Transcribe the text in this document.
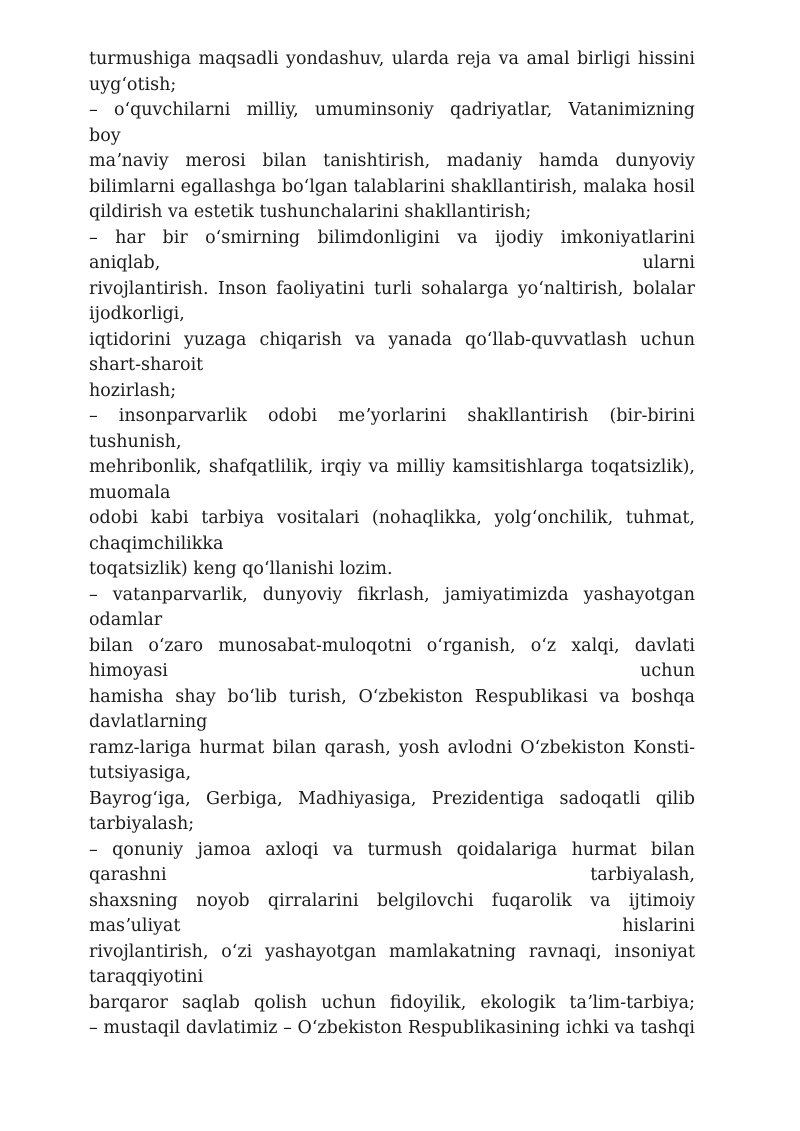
turmushiga maqsadli yondashuv, ularda reja va amal birligi hissini
uygʻotish;
– oʻquvchilarni milliy, umuminsoniy qadriyatlar, Vatanimizning
boy
maʼnaviy merosi bilan tanishtirish, madaniy hamda dunyoviy
bilimlarni egallashga boʻlgan talablarini shakllantirish, malaka hosil
qildirish va estetik tushunchalarini shakllantirish;
– har bir oʻsmirning bilimdonligini va ijodiy imkoniyatlarini
aniqlab, ularni
rivojlantirish. Inson faoliyatini turli sohalarga yoʻnaltirish, bolalar
ijodkorligi,
iqtidorini yuzaga chiqarish va yanada qoʻllab-quvvatlash uchun
shart-sharoit
hozirlash;
– insonparvarlik odobi meʼyorlarini shakllantirish (bir-birini
tushunish,
mehribonlik, shafqatlilik, irqiy va milliy kamsitishlarga toqatsizlik),
muomala
odobi kabi tarbiya vositalari (nohaqlikka, yolgʻonchilik, tuhmat,
chaqimchilikka
toqatsizlik) keng qoʻllanishi lozim.
– vatanparvarlik, dunyoviy fikrlash, jamiyatimizda yashayotgan
odamlar
bilan oʻzaro munosabat-muloqotni oʻrganish, oʻz xalqi, davlati
himoyasi uchun
hamisha shay boʻlib turish, Oʻzbekiston Respublikasi va boshqa
davlatlarning
ramz-lariga hurmat bilan qarash, yosh avlodni Oʻzbekiston Konsti-
tutsiyasiga,
Bayrogʻiga, Gerbiga, Madhiyasiga, Prezidentiga sadoqatli qilib
tarbiyalash;
– qonuniy jamoa axloqi va turmush qoidalariga hurmat bilan
qarashni tarbiyalash,
shaxsning noyob qirralarini belgilovchi fuqarolik va ijtimoiy
masʼuliyat hislarini
rivojlantirish, oʻzi yashayotgan mamlakatning ravnaqi, insoniyat
taraqqiyotini
barqaror saqlab qolish uchun fidoyilik, ekologik taʼlim-tarbiya;
– mustaqil davlatimiz – Oʻzbekiston Respublikasining ichki va tashqi
